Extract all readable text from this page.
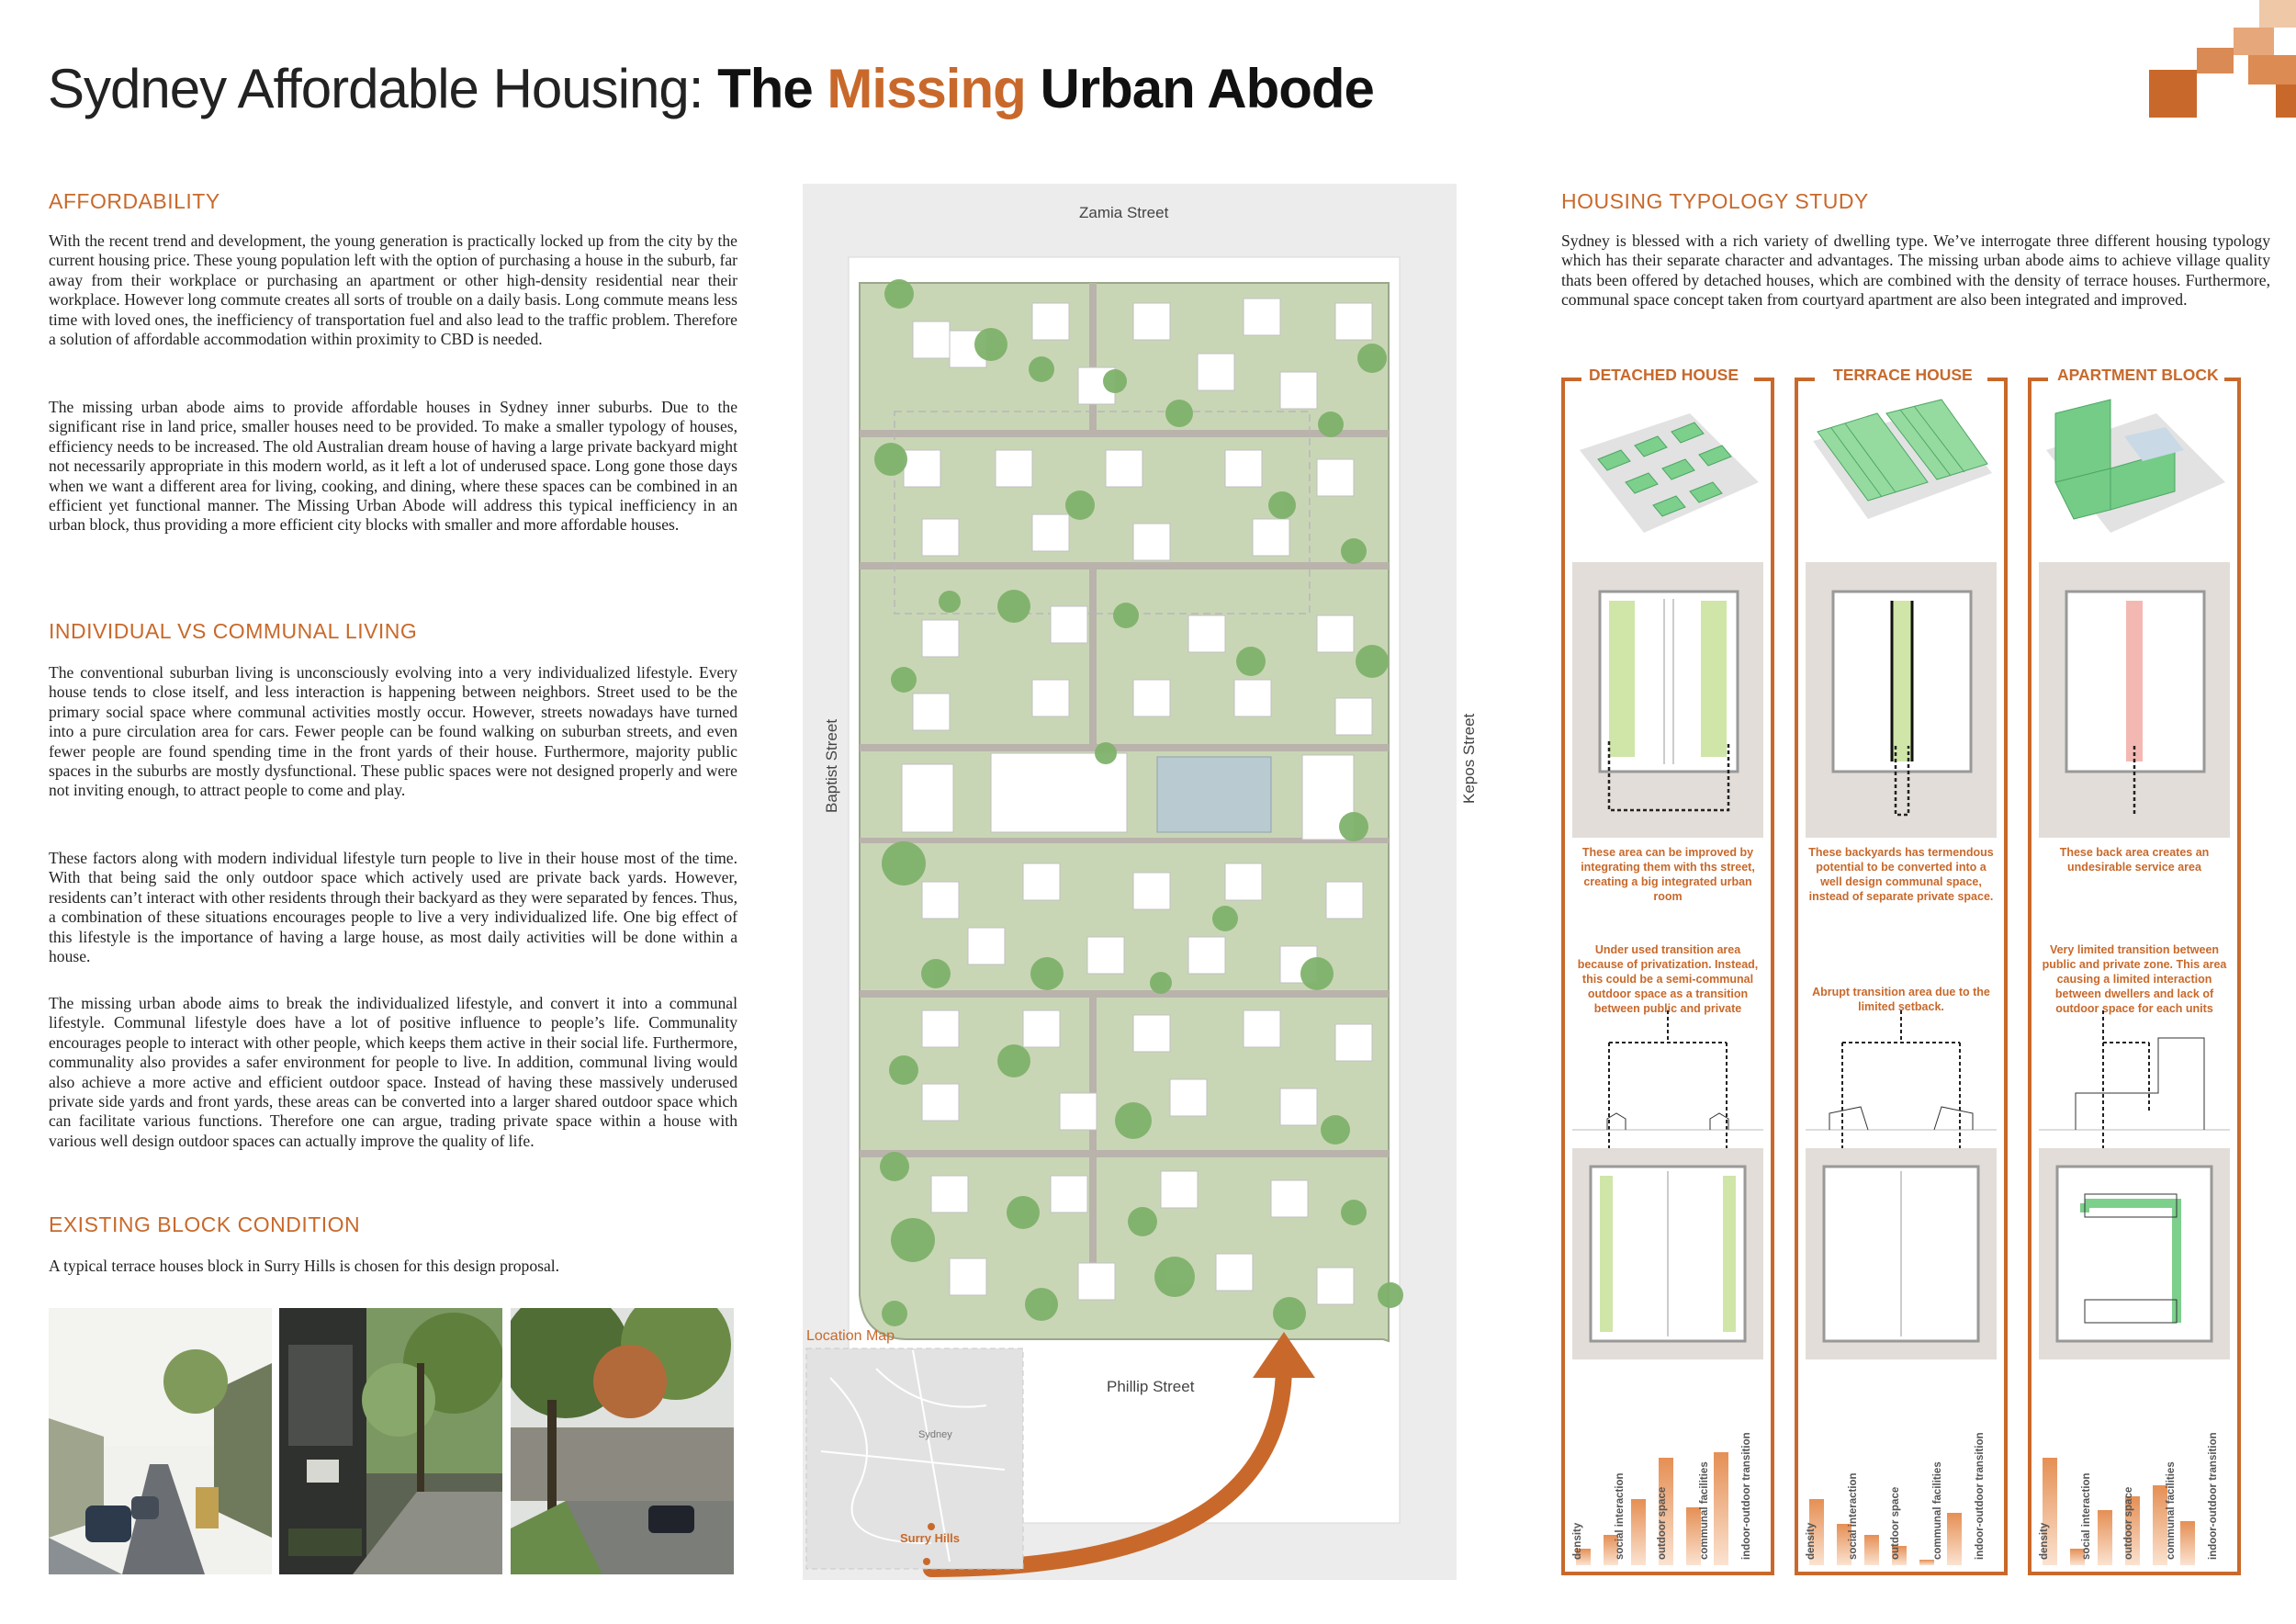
Sydney Affordable Housing: The Missing Urban Abode
AFFORDABILITY
With the recent trend and development, the young generation is practically locked up from the city by the current housing price. These young population left with the option of purchasing a house in the suburb, far away from their workplace or purchasing an apartment or other high-density residential near their workplace. However long commute creates all sorts of trouble on a daily basis. Long commute means less time with loved ones, the inefficiency of transportation fuel and also lead to the traffic problem. Therefore a solution of affordable accommodation within proximity to CBD is needed.
The missing urban abode aims to provide affordable houses in Sydney inner suburbs. Due to the significant rise in land price, smaller houses need to be provided. To make a smaller typology of houses, efficiency needs to be increased. The old Australian dream house of having a large private backyard might not necessarily appropriate in this modern world, as it left a lot of underused space. Long gone those days when we want a different area for living, cooking, and dining, where these spaces can be combined in an efficient yet functional manner. The Missing Urban Abode will address this typical inefficiency in an urban block, thus providing a more efficient city blocks with smaller and more affordable houses.
INDIVIDUAL VS COMMUNAL LIVING
The conventional suburban living is unconsciously evolving into a very individualized lifestyle. Every house tends to close itself, and less interaction is happening between neighbors. Street used to be the primary social space where communal activities mostly occur. However, streets nowadays have turned into a pure circulation area for cars. Fewer people can be found walking on suburban streets, and even fewer people are found spending time in the front yards of their house. Furthermore, majority public spaces in the suburbs are mostly dysfunctional. These public spaces were not designed properly and were not inviting enough, to attract people to come and play.
These factors along with modern individual lifestyle turn people to live in their house most of the time. With that being said the only outdoor space which actively used are private back yards. However, residents can’t interact with other residents through their backyard as they were separated by fences. Thus, a combination of these situations encourages people to live a very individualized life. One big effect of this lifestyle is the importance of having a large house, as most daily activities will be done within a house.
The missing urban abode aims to break the individualized lifestyle, and convert it into a communal lifestyle. Communal lifestyle does have a lot of positive influence to people’s life. Communality encourages people to interact with other people, which keeps them active in their social life. Furthermore, communality also provides a safer environment for people to live. In addition, communal living would also achieve a more active and efficient outdoor space. Instead of having these massively underused private side yards and front yards, these areas can be converted into a larger shared outdoor space which can facilitate various functions. Therefore one can argue, trading private space within a house with various well design outdoor spaces can actually improve the quality of life.
EXISTING BLOCK CONDITION
A typical terrace houses block in Surry Hills is chosen for this design proposal.
Zamia Street
Phillip Street
Baptist Street	Kepos Street
Location Map
Sydney
Surry Hills
HOUSING TYPOLOGY STUDY
Sydney is blessed with a rich variety of dwelling type. We’ve interrogate three different housing typology which has their separate character and advantages. The missing urban abode aims to achieve village quality thats been offered by detached houses, which are combined with the density of terrace houses. Furthermore, communal space concept taken from courtyard apartment are also been integrated and improved.
DETACHED HOUSE
These area can be improved by integrating them with ths street, creating a big integrated urban room
Under used transition area because of privatization. Instead, this could be a semi-communal outdoor space as a transition between public and private
TERRACE HOUSE
These backyards has termendous potential to be converted into a well design communal space, instead of separate private space.
Abrupt transition area due to the limited setback.
APARTMENT BLOCK
These back area creates an undesirable service area
Very limited transition between public and private zone. This area causing a limited interaction between dwellers and lack of outdoor space for each units
density	social interaction	outdoor space	communal facilities	indoor-outdoor transition	density	social interaction	outdoor space	communal facilities	indoor-outdoor transition	density	social interaction	outdoor space	communal facilities	indoor-outdoor transition
